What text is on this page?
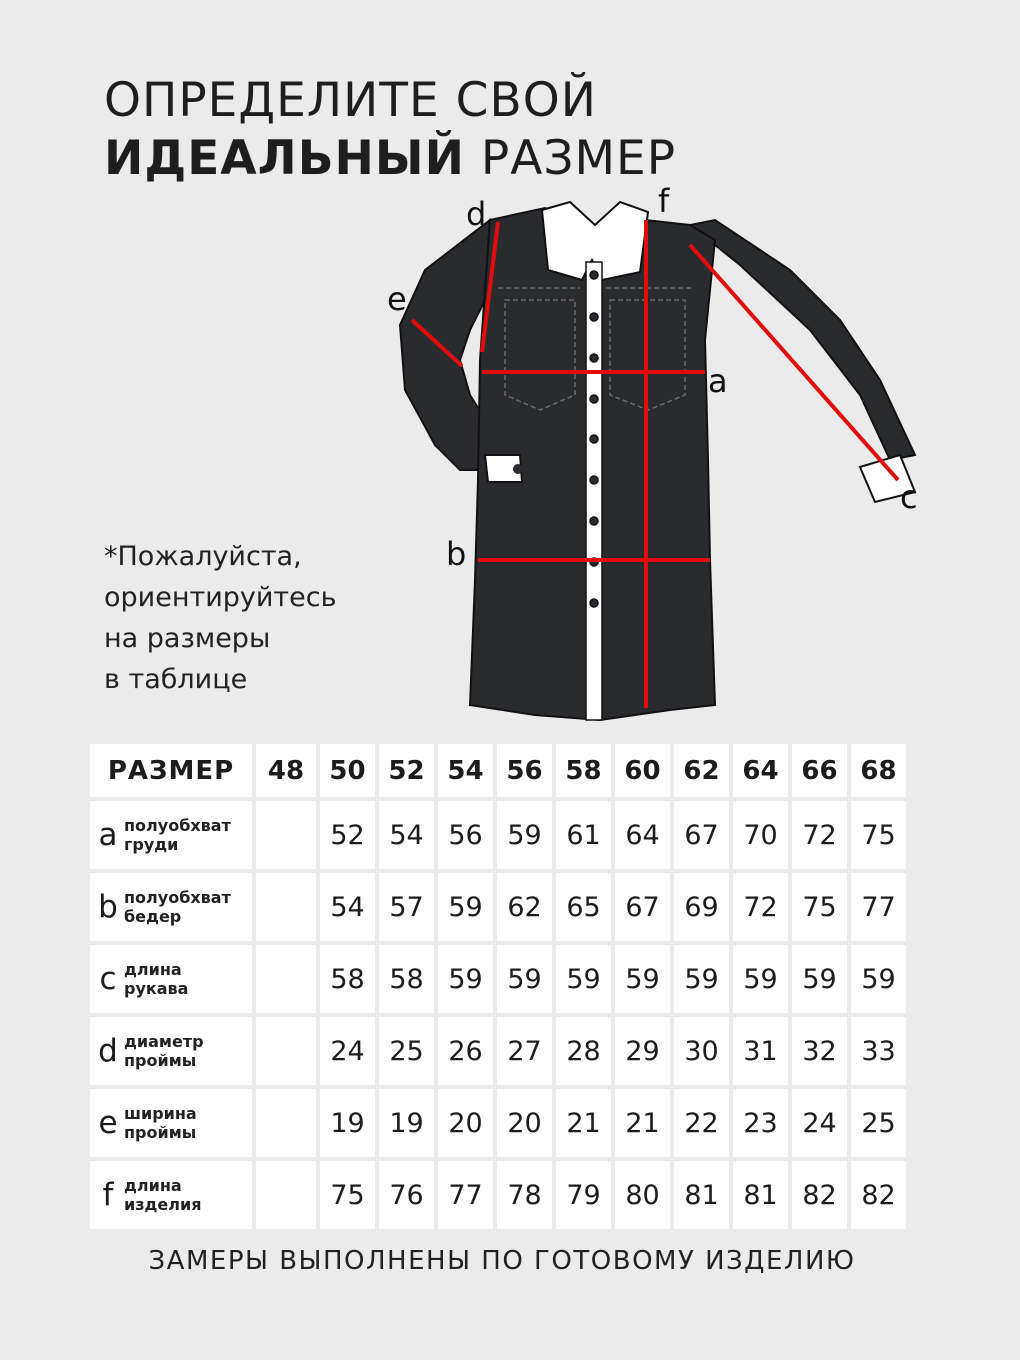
ОПРЕДЕЛИТЕ СВОЙ
ИДЕАЛЬНЫЙ РАЗМЕР
*Пожалуйста,
ориентируйтесь
на размеры
в таблице
a
b
c
d
e
f
РАЗМЕР	48	50	52	54	56	58	60	62	64	66	68

a полуобхват
груди		52	54	56	59	61	64	67	70	72	75

b полуобхват
бедер		54	57	59	62	65	67	69	72	75	77

c длина
рукава		58	58	59	59	59	59	59	59	59	59

d диаметр
проймы		24	25	26	27	28	29	30	31	32	33

e ширина
проймы		19	19	20	20	21	21	22	23	24	25

f длина
изделия		75	76	77	78	79	80	81	81	82	82
ЗАМЕРЫ ВЫПОЛНЕНЫ ПО ГОТОВОМУ ИЗДЕЛИЮ
